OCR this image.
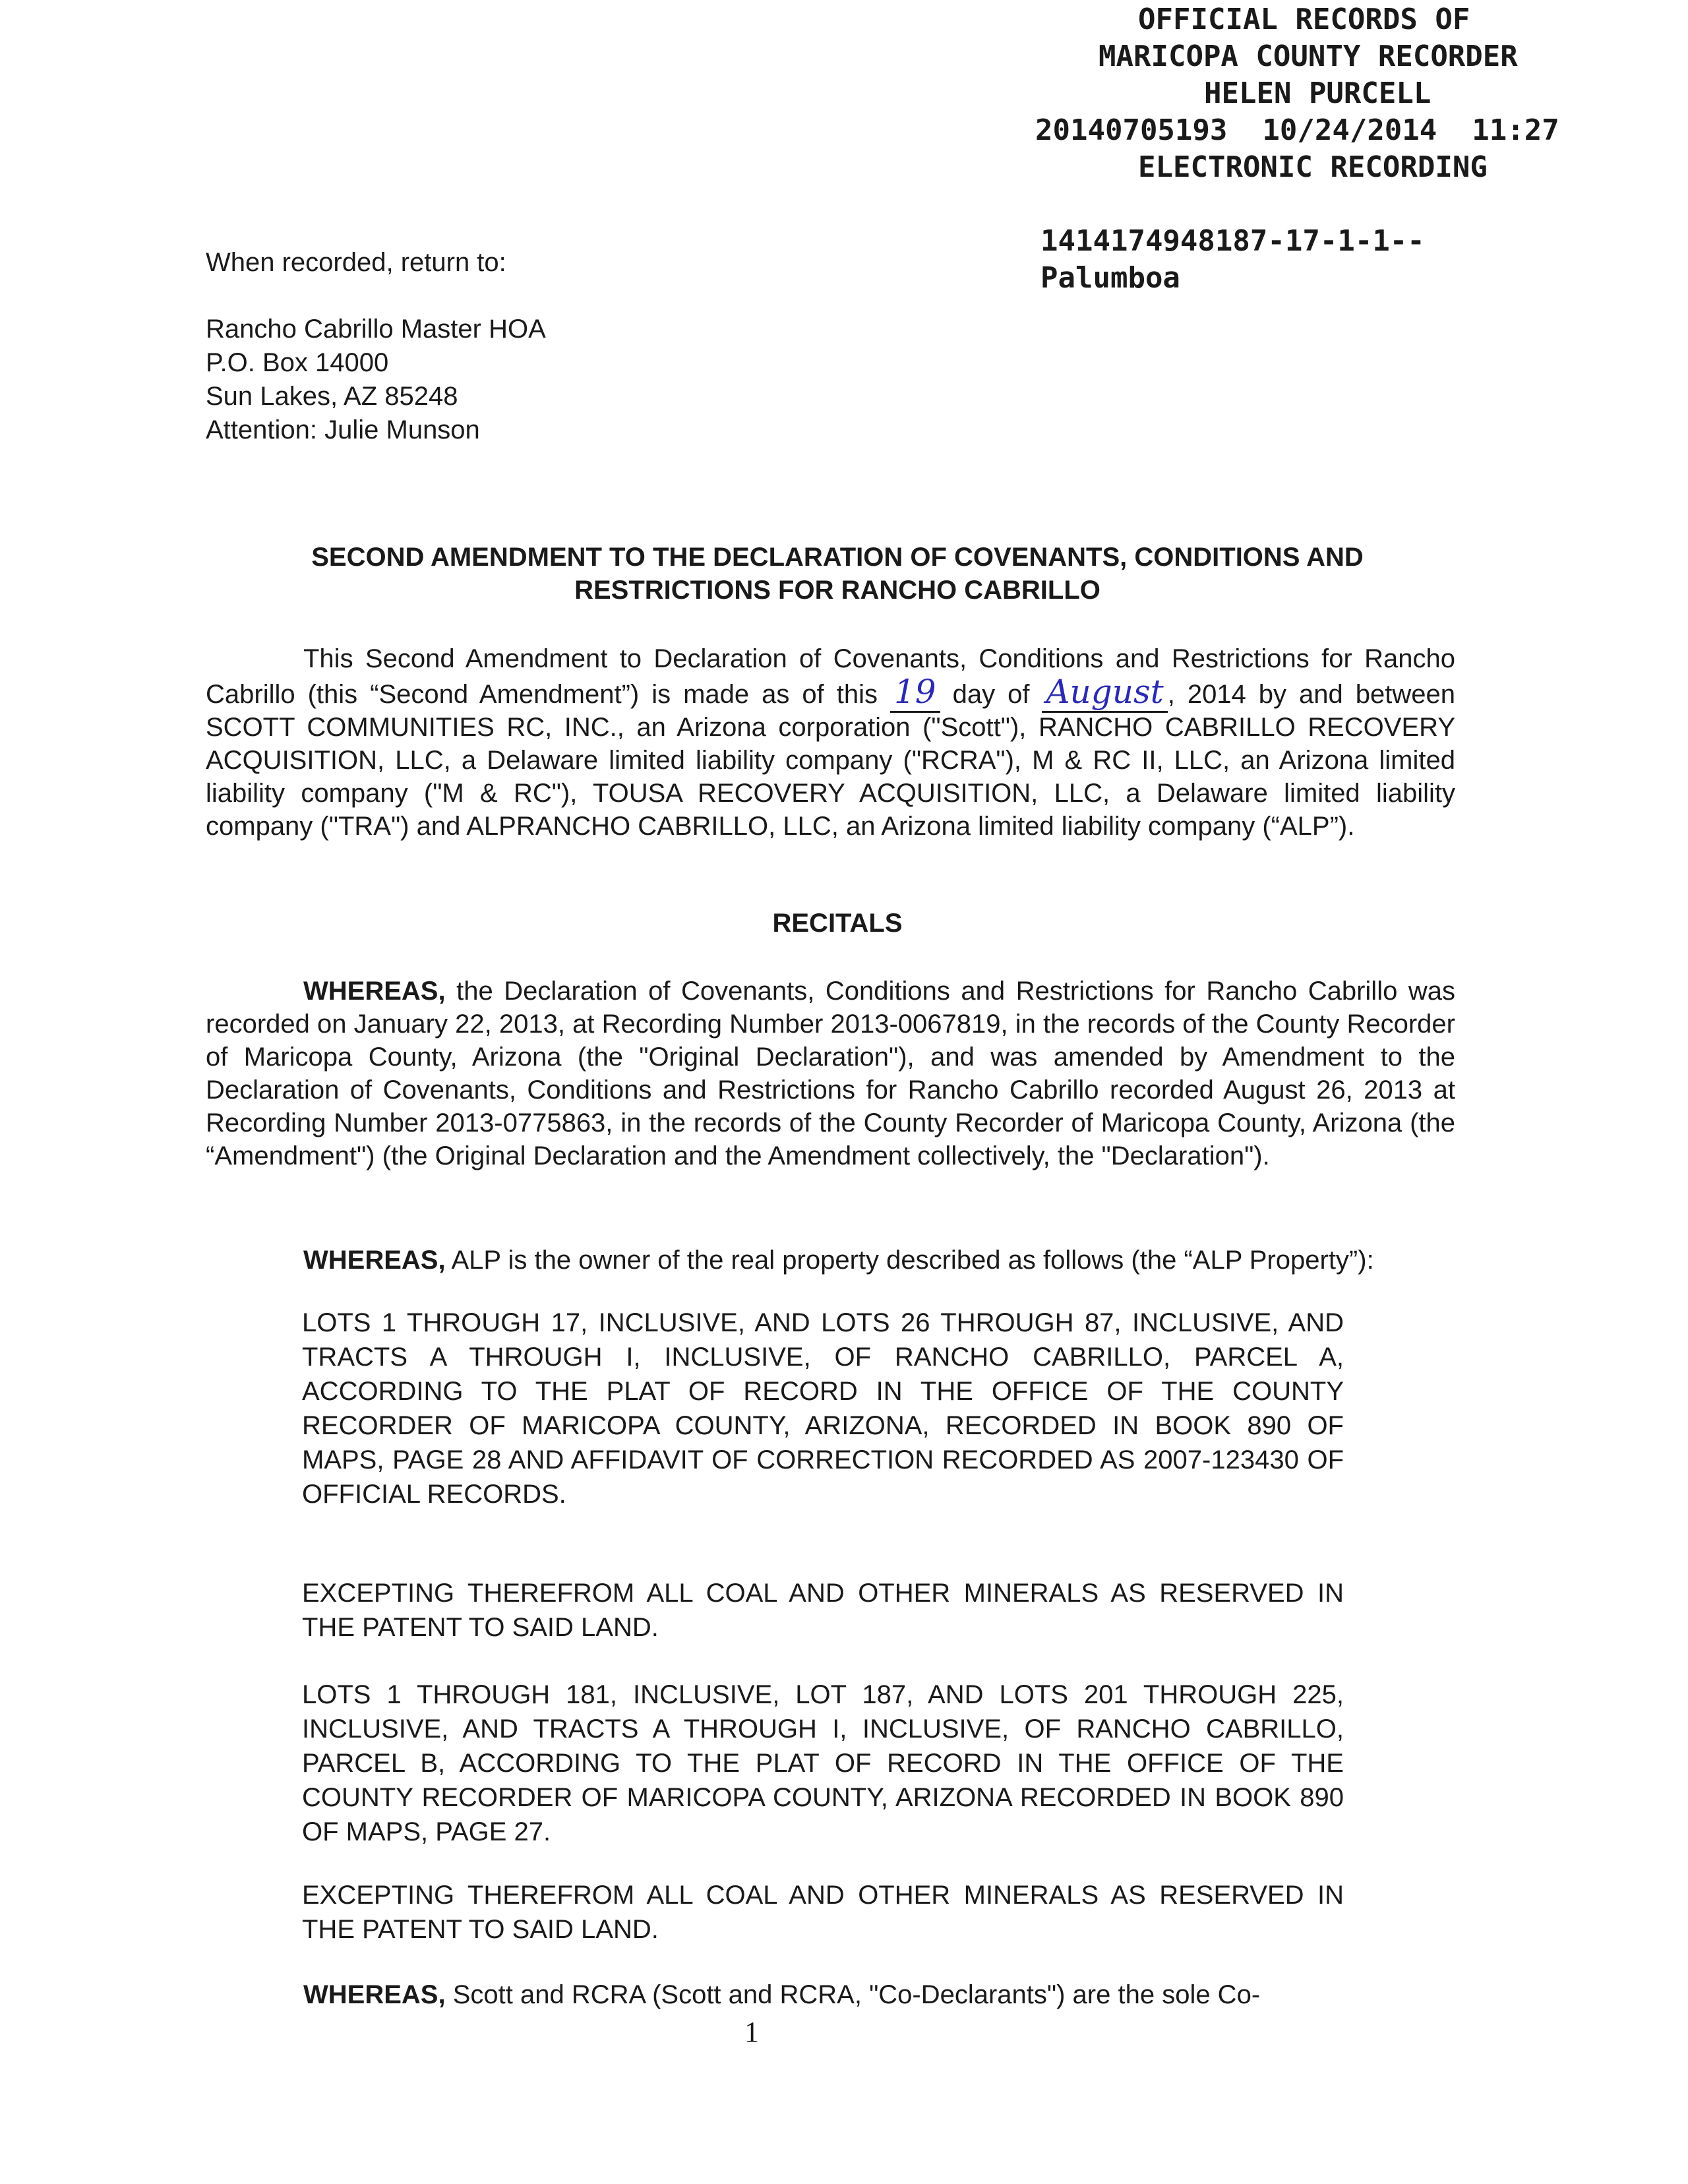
OFFICIAL RECORDS OF
MARICOPA COUNTY RECORDER
HELEN PURCELL
20140705193  10/24/2014  11:27
ELECTRONIC RECORDING
1414174948187-17-1-1--
Palumboa
When recorded, return to:
Rancho Cabrillo Master HOA
P.O. Box 14000
Sun Lakes, AZ 85248
Attention: Julie Munson
SECOND AMENDMENT TO THE DECLARATION OF COVENANTS, CONDITIONS AND
RESTRICTIONS FOR RANCHO CABRILLO
This Second Amendment to Declaration of Covenants, Conditions and Restrictions for Rancho Cabrillo (this “Second Amendment”) is made as of this 19 day of August , 2014 by and between SCOTT COMMUNITIES RC, INC., an Arizona corporation ("Scott"), RANCHO CABRILLO RECOVERY ACQUISITION, LLC, a Delaware limited liability company ("RCRA"), M & RC II, LLC, an Arizona limited liability company ("M & RC"), TOUSA RECOVERY ACQUISITION, LLC, a Delaware limited liability company ("TRA") and ALPRANCHO CABRILLO, LLC, an Arizona limited liability company (“ALP”).
RECITALS
WHEREAS, the Declaration of Covenants, Conditions and Restrictions for Rancho Cabrillo was recorded on January 22, 2013, at Recording Number 2013-0067819, in the records of the County Recorder of Maricopa County, Arizona (the "Original Declaration"), and was amended by Amendment to the Declaration of Covenants, Conditions and Restrictions for Rancho Cabrillo recorded August 26, 2013 at Recording Number 2013-0775863, in the records of the County Recorder of Maricopa County, Arizona (the “Amendment") (the Original Declaration and the Amendment collectively, the "Declaration").
WHEREAS, ALP is the owner of the real property described as follows (the “ALP Property”):
LOTS 1 THROUGH 17, INCLUSIVE, AND LOTS 26 THROUGH 87, INCLUSIVE, AND TRACTS A THROUGH I, INCLUSIVE, OF RANCHO CABRILLO, PARCEL A, ACCORDING TO THE PLAT OF RECORD IN THE OFFICE OF THE COUNTY RECORDER OF MARICOPA COUNTY, ARIZONA, RECORDED IN BOOK 890 OF MAPS, PAGE 28 AND AFFIDAVIT OF CORRECTION RECORDED AS 2007-123430 OF OFFICIAL RECORDS.
EXCEPTING THEREFROM ALL COAL AND OTHER MINERALS AS RESERVED IN THE PATENT TO SAID LAND.
LOTS 1 THROUGH 181, INCLUSIVE, LOT 187, AND LOTS 201 THROUGH 225, INCLUSIVE, AND TRACTS A THROUGH I, INCLUSIVE, OF RANCHO CABRILLO, PARCEL B, ACCORDING TO THE PLAT OF RECORD IN THE OFFICE OF THE COUNTY RECORDER OF MARICOPA COUNTY, ARIZONA RECORDED IN BOOK 890 OF MAPS, PAGE 27.
EXCEPTING THEREFROM ALL COAL AND OTHER MINERALS AS RESERVED IN THE PATENT TO SAID LAND.
WHEREAS, Scott and RCRA (Scott and RCRA, "Co-Declarants") are the sole Co-
1
